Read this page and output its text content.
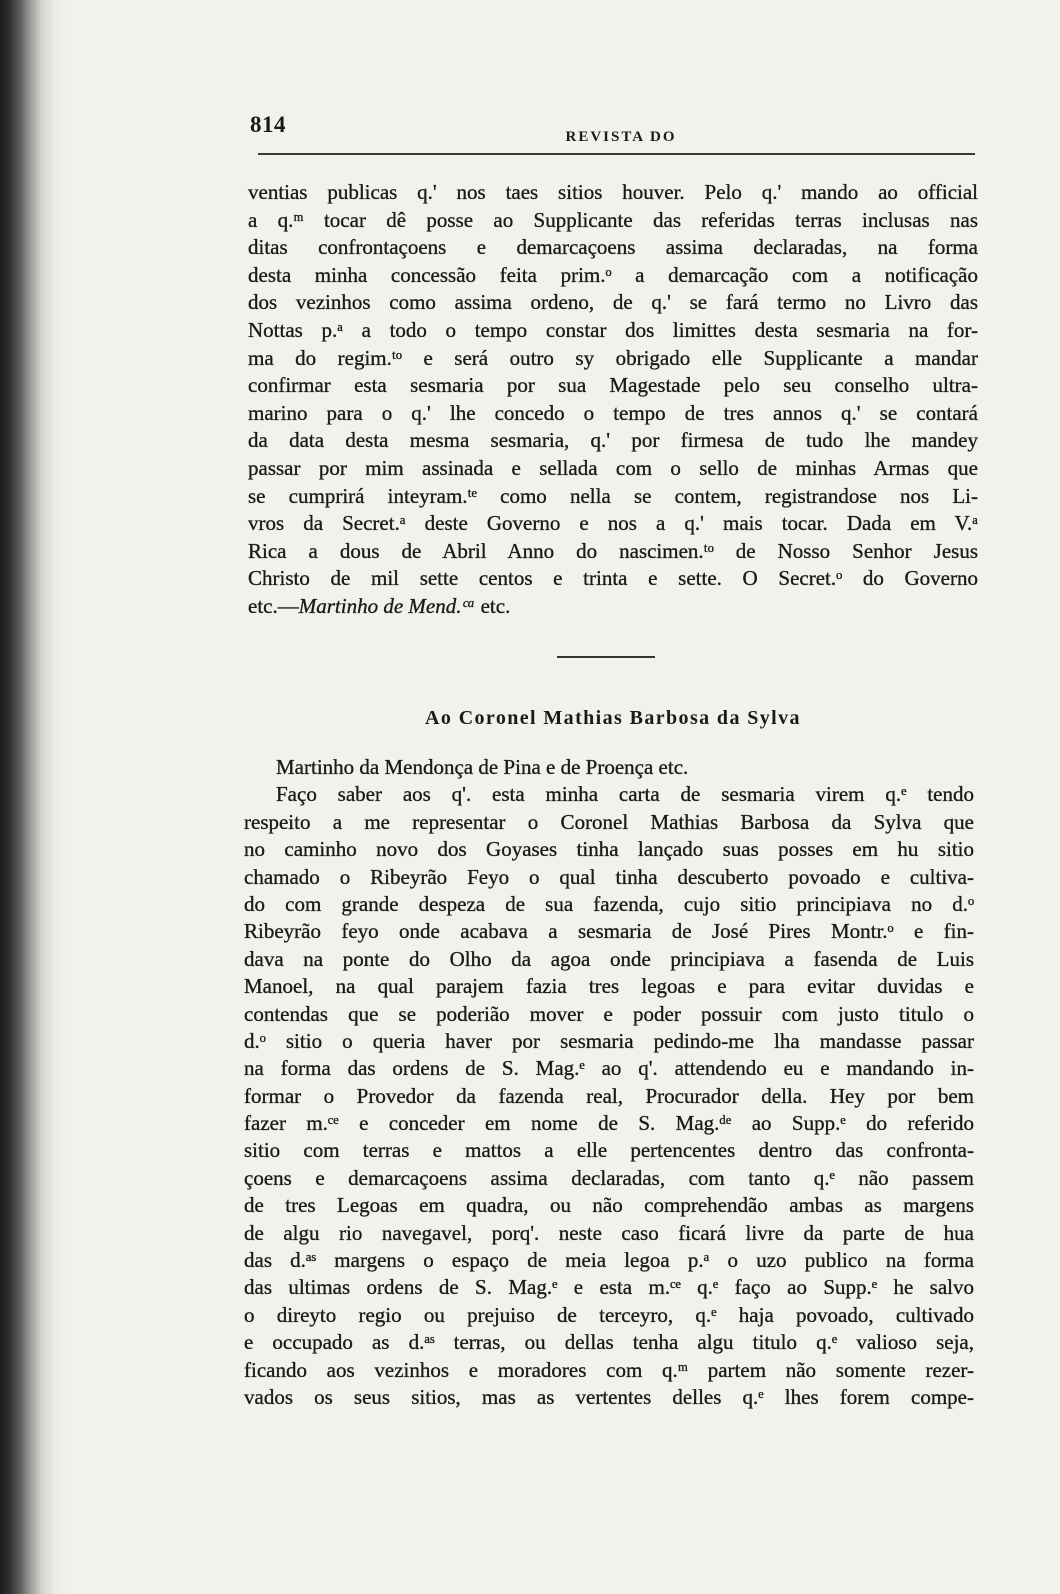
814	REVISTA DO
ventias publicas q.' nos taes sitios houver. Pelo q.' mando ao official
a q.ᵐ tocar dê posse ao Supplicante das referidas terras inclusas nas
ditas confrontaçoens e demarcaçoens assima declaradas, na forma
desta minha concessão feita prim.ᵒ a demarcação com a notificação
dos vezinhos como assima ordeno, de q.' se fará termo no Livro das
Nottas p.ᵃ a todo o tempo constar dos limittes desta sesmaria na for-
ma do regim.ᵗᵒ e será outro sy obrigado elle Supplicante a mandar
confirmar esta sesmaria por sua Magestade pelo seu conselho ultra-
marino para o q.' lhe concedo o tempo de tres annos q.' se contará
da data desta mesma sesmaria, q.' por firmesa de tudo lhe mandey
passar por mim assinada e sellada com o sello de minhas Armas que
se cumprirá inteyram.ᵗᵉ como nella se contem, registrandose nos Li-
vros da Secret.ᵃ deste Governo e nos a q.' mais tocar. Dada em V.ᵃ
Rica a dous de Abril Anno do nascimen.ᵗᵒ de Nosso Senhor Jesus
Christo de mil sette centos e trinta e sette. O Secret.ᵒ do Governo
etc.—Martinho de Mend.ᶜᵃ etc.
Ao Coronel Mathias Barbosa da Sylva
Martinho da Mendonça de Pina e de Proença etc.
Faço saber aos q'. esta minha carta de sesmaria virem q.ᵉ tendo
respeito a me representar o Coronel Mathias Barbosa da Sylva que
no caminho novo dos Goyases tinha lançado suas posses em hu sitio
chamado o Ribeyrão Feyo o qual tinha descuberto povoado e cultiva-
do com grande despeza de sua fazenda, cujo sitio principiava no d.ᵒ
Ribeyrão feyo onde acabava a sesmaria de José Pires Montr.ᵒ e fin-
dava na ponte do Olho da agoa onde principiava a fasenda de Luis
Manoel, na qual parajem fazia tres legoas e para evitar duvidas e
contendas que se poderião mover e poder possuir com justo titulo o
d.ᵒ sitio o queria haver por sesmaria pedindo-me lha mandasse passar
na forma das ordens de S. Mag.ᵉ ao q'. attendendo eu e mandando in-
formar o Provedor da fazenda real, Procurador della. Hey por bem
fazer m.ᶜᵉ e conceder em nome de S. Mag.ᵈᵉ ao Supp.ᵉ do referido
sitio com terras e mattos a elle pertencentes dentro das confronta-
çoens e demarcaçoens assima declaradas, com tanto q.ᵉ não passem
de tres Legoas em quadra, ou não comprehendão ambas as margens
de algu rio navegavel, porq'. neste caso ficará livre da parte de hua
das d.ᵃˢ margens o espaço de meia legoa p.ᵃ o uzo publico na forma
das ultimas ordens de S. Mag.ᵉ e esta m.ᶜᵉ q.ᵉ faço ao Supp.ᵉ he salvo
o direyto regio ou prejuiso de terceyro, q.ᵉ haja povoado, cultivado
e occupado as d.ᵃˢ terras, ou dellas tenha algu titulo q.ᵉ valioso seja,
ficando aos vezinhos e moradores com q.ᵐ partem não somente rezer-
vados os seus sitios, mas as vertentes delles q.ᵉ lhes forem compe-
